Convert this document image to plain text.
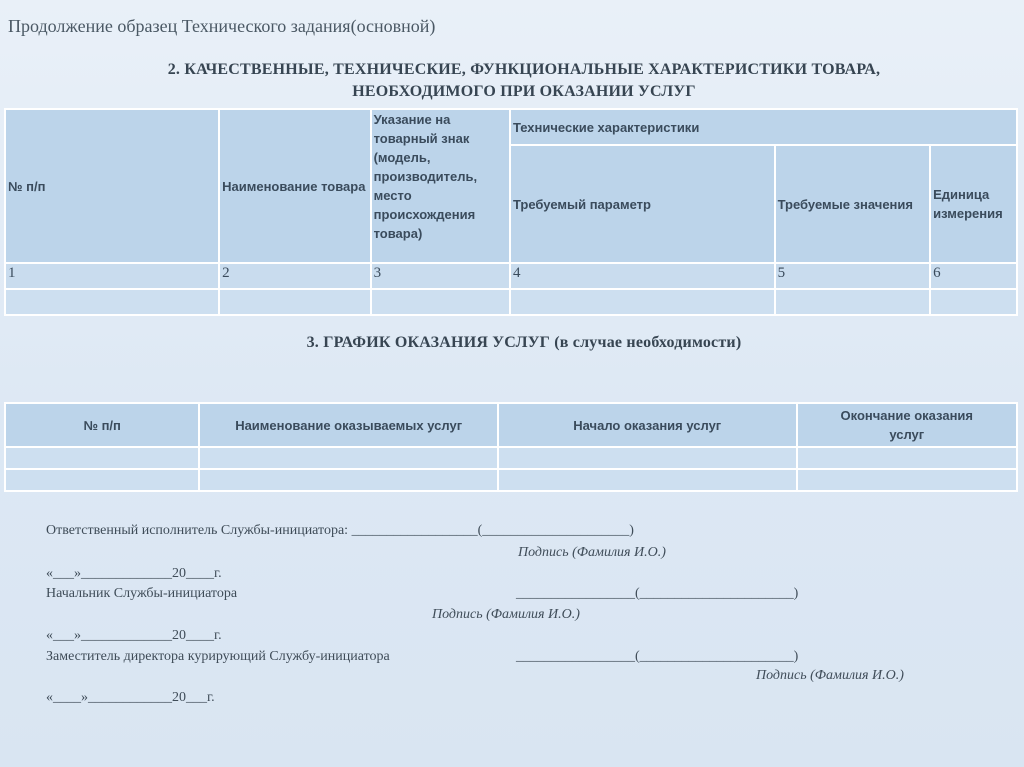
Продолжение образец Технического задания(основной)
2. КАЧЕСТВЕННЫЕ, ТЕХНИЧЕСКИЕ, ФУНКЦИОНАЛЬНЫЕ ХАРАКТЕРИСТИКИ ТОВАРА,
НЕОБХОДИМОГО ПРИ ОКАЗАНИИ УСЛУГ
№ п/п	Наименование товара	Указание на товарный знак (модель, производитель, место происхождения товара)	Технические характеристики		
			Требуемый параметр	Требуемые значения	Единица измерения
1	2	3	4	5	6

3. ГРАФИК ОКАЗАНИЯ УСЛУГ (в случае необходимости)
№ п/п	Наименование оказываемых услуг	Начало оказания услуг	Окончание оказания услуг

Ответственный исполнитель Службы-инициатора: __________________(_____________________)
Подпись (Фамилия И.О.)
«___»_____________20____г.
Начальник Службы-инициатора	_________________(______________________)
Подпись (Фамилия И.О.)
«___»_____________20____г.
Заместитель директора курирующий Службу-инициатора	_________________(______________________)
Подпись (Фамилия И.О.)
«____»____________20___г.
